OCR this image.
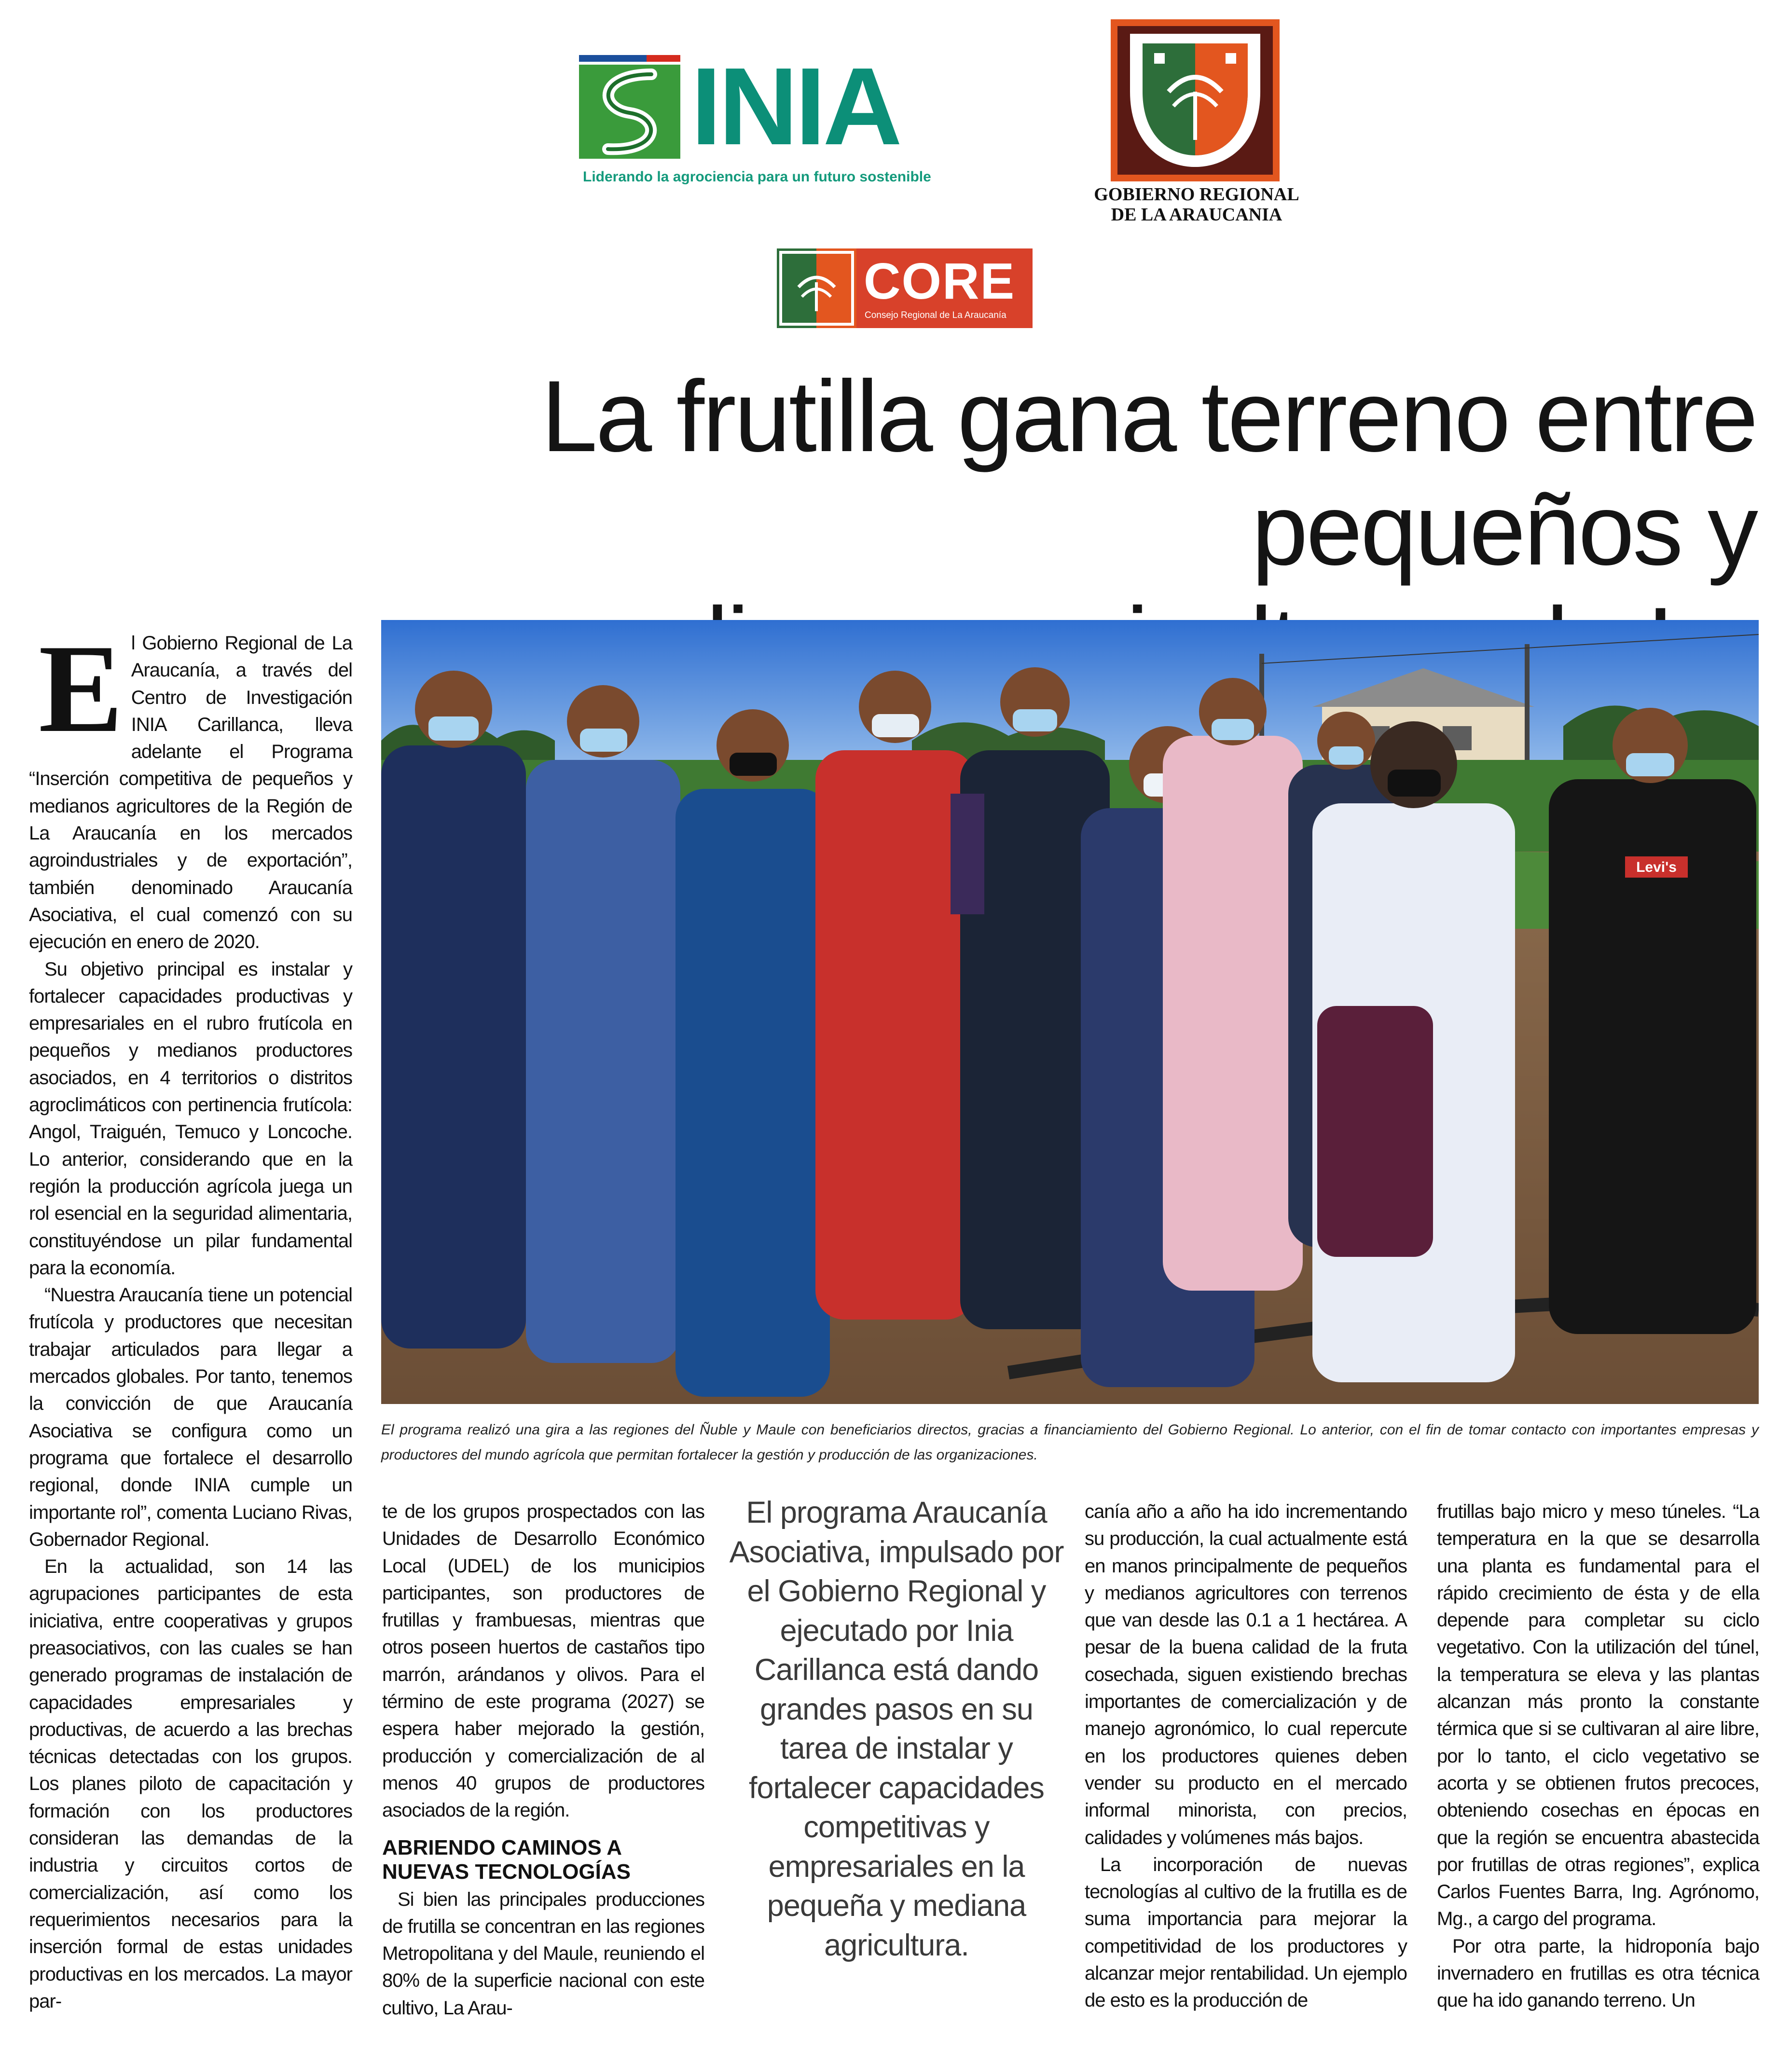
INIA
Liderando la agrociencia para un futuro sostenible
GOBIERNO REGIONAL
DE LA ARAUCANIA
CORE
Consejo Regional de La Araucanía
La frutilla gana terreno entre pequeños y

Levi's

El programa realizó una gira a las regiones del Ñuble y Maule con beneficiarios directos, gracias a financiamiento del Gobierno Regional. Lo anterior, con el fin de tomar contacto con importantes empresas y productores del mundo agrícola que permitan fortalecer la gestión y producción de las organizaciones.

E l Gobierno Regional de La Araucanía, a través del Centro de Investigación INIA Carillanca, lleva adelante el Programa “Inserción competitiva de pequeños y medianos agricultores de la Región de La Araucanía en los mercados agroindustriales y de exportación”, también denominado Araucanía Asociativa, el cual comenzó con su ejecución en enero de 2020.

Su objetivo principal es instalar y fortalecer capacidades productivas y empresariales en el rubro frutícola en pequeños y medianos productores asociados, en 4 territorios o distritos agroclimáticos con pertinencia frutícola: Angol, Traiguén, Temuco y Loncoche. Lo anterior, considerando que en la región la producción agrícola juega un rol esencial en la seguridad alimentaria, constituyéndose un pilar fundamental para la economía.

“Nuestra Araucanía tiene un potencial frutícola y productores que necesitan trabajar articulados para llegar a mercados globales. Por tanto, tenemos la convicción de que Araucanía Asociativa se configura como un programa que fortalece el desarrollo regional, donde INIA cumple un importante rol”, comenta Luciano Rivas, Gobernador Regional.

En la actualidad, son 14 las agrupaciones participantes de esta iniciativa, entre cooperativas y grupos preasociativos, con las cuales se han generado programas de instalación de capacidades empresariales y productivas, de acuerdo a las brechas técnicas detectadas con los grupos. Los planes piloto de capacitación y formación con los productores consideran las demandas de la industria y circuitos cortos de comercialización, así como los requerimientos necesarios para la inserción formal de estas unidades productivas en los mercados. La mayor par-

te de los grupos prospectados con las Unidades de Desarrollo Económico Local (UDEL) de los municipios participantes, son productores de frutillas y frambuesas, mientras que otros poseen huertos de castaños tipo marrón, arándanos y olivos. Para el término de este programa (2027) se espera haber mejorado la gestión, producción y comercialización de al menos 40 grupos de productores asociados de la región.

ABRIENDO CAMINOS A NUEVAS TECNOLOGÍAS

Si bien las principales producciones de frutilla se concentran en las regiones Metropolitana y del Maule, reuniendo el 80% de la superficie nacional con este cultivo, La Arau-

El programa Araucanía Asociativa, impulsado por el Gobierno Regional y ejecutado por Inia Carillanca está dando grandes pasos en su tarea de instalar y fortalecer capacidades competitivas y empresariales en la pequeña y mediana agricultura.

canía año a año ha ido incrementando su producción, la cual actualmente está en manos principalmente de pequeños y medianos agricultores con terrenos que van desde las 0.1 a 1 hectárea. A pesar de la buena calidad de la fruta cosechada, siguen existiendo brechas importantes de comercialización y de manejo agronómico, lo cual repercute en los productores quienes deben vender su producto en el mercado informal minorista, con precios, calidades y volúmenes más bajos.

La incorporación de nuevas tecnologías al cultivo de la frutilla es de suma importancia para mejorar la competitividad de los productores y alcanzar mejor rentabilidad. Un ejemplo de esto es la producción de

frutillas bajo micro y meso túneles. “La temperatura en la que se desarrolla una planta es fundamental para el rápido crecimiento de ésta y de ella depende para completar su ciclo vegetativo. Con la utilización del túnel, la temperatura se eleva y las plantas alcanzan más pronto la constante térmica que si se cultivaran al aire libre, por lo tanto, el ciclo vegetativo se acorta y se obtienen frutos precoces, obteniendo cosechas en épocas en que la región se encuentra abastecida por frutillas de otras regiones”, explica Carlos Fuentes Barra, Ing. Agrónomo, Mg., a cargo del programa.

Por otra parte, la hidroponía bajo invernadero en frutillas es otra técnica que ha ido ganando terreno. Un
